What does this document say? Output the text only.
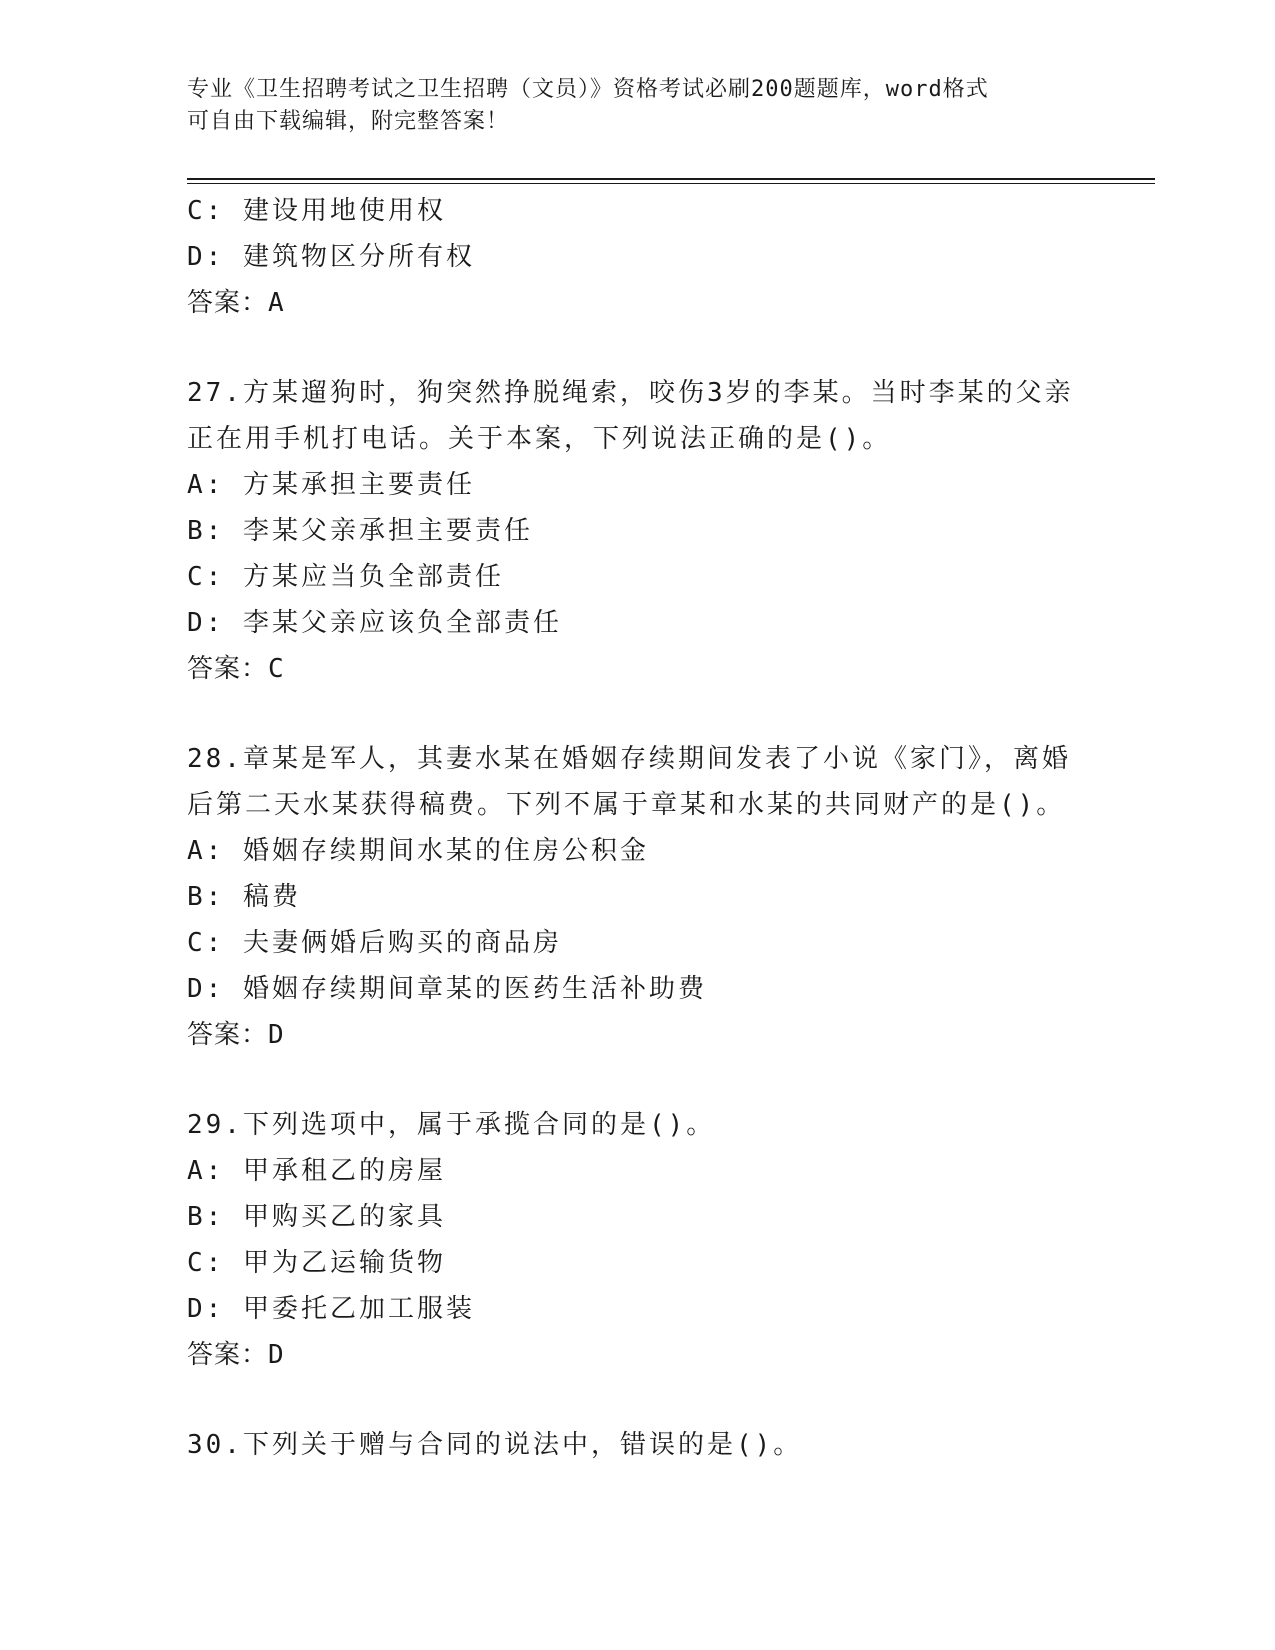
专业《卫生招聘考试之卫生招聘（文员）》资格考试必刷200题题库，word格式
可自由下载编辑，附完整答案！
C: 建设用地使用权
D: 建筑物区分所有权
答案：A
27.方某遛狗时，狗突然挣脱绳索，咬伤3岁的李某。当时李某的父亲
正在用手机打电话。关于本案，下列说法正确的是()。
A: 方某承担主要责任
B: 李某父亲承担主要责任
C: 方某应当负全部责任
D: 李某父亲应该负全部责任
答案：C
28.章某是军人，其妻水某在婚姻存续期间发表了小说《家门》，离婚
后第二天水某获得稿费。下列不属于章某和水某的共同财产的是()。
A: 婚姻存续期间水某的住房公积金
B: 稿费
C: 夫妻俩婚后购买的商品房
D: 婚姻存续期间章某的医药生活补助费
答案：D
29.下列选项中，属于承揽合同的是()。
A: 甲承租乙的房屋
B: 甲购买乙的家具
C: 甲为乙运输货物
D: 甲委托乙加工服装
答案：D
30.下列关于赠与合同的说法中，错误的是()。
